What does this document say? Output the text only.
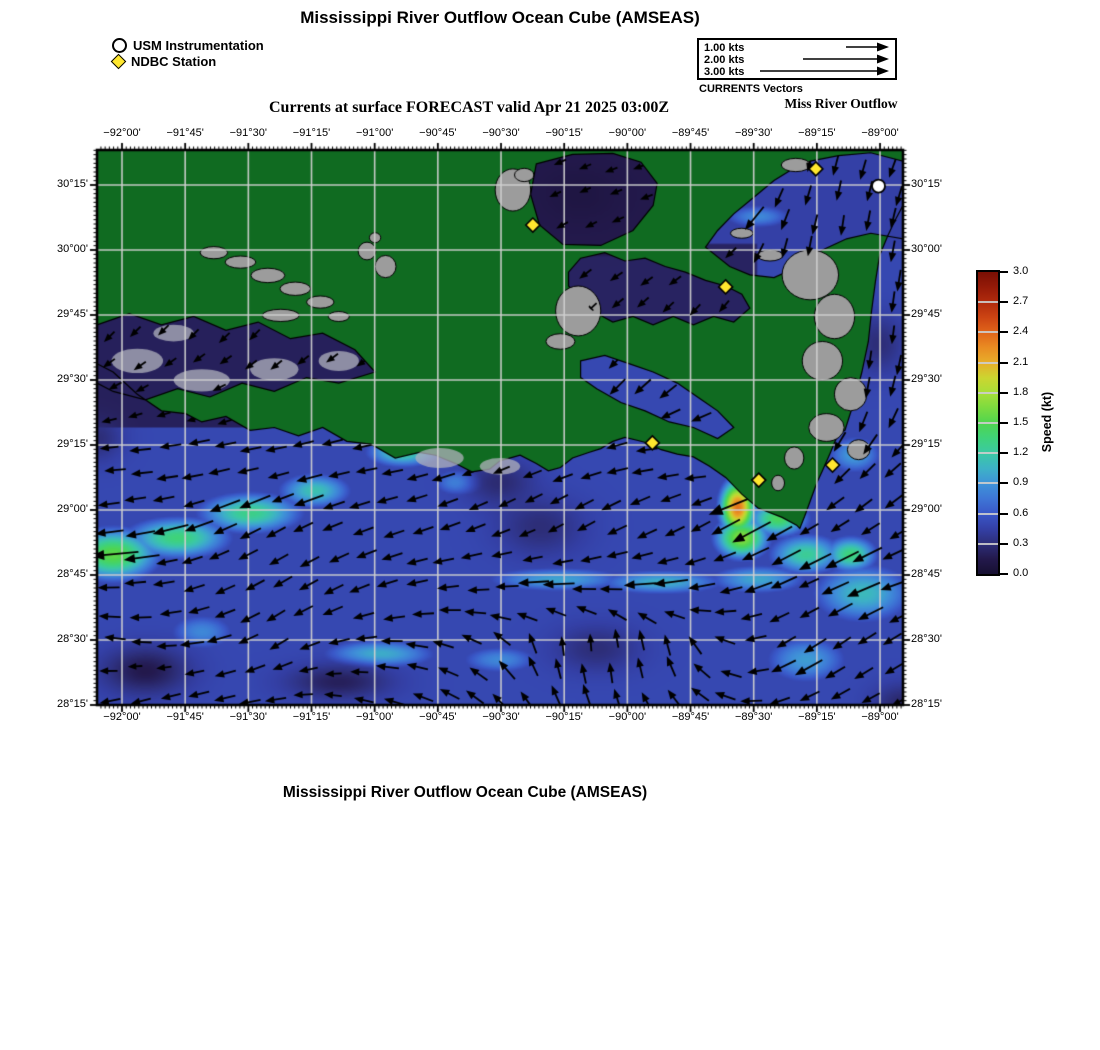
Mississippi River Outflow Ocean Cube (AMSEAS)
USM Instrumentation
NDBC Station
1.00 kts
2.00 kts
3.00 kts
CURRENTS Vectors
Miss River Outflow
Currents at surface FORECAST valid Apr 21 2025 03:00Z
Speed (kt)
Mississippi River Outflow Ocean Cube (AMSEAS)
−92°00'
−92°00'
−91°45'
−91°45'
−91°30'
−91°30'
−91°15'
−91°15'
−91°00'
−91°00'
−90°45'
−90°45'
−90°30'
−90°30'
−90°15'
−90°15'
−90°00'
−90°00'
−89°45'
−89°45'
−89°30'
−89°30'
−89°15'
−89°15'
−89°00'
−89°00'
30°15'	30°15'
30°00'	30°00'
29°45'	29°45'
29°30'	29°30'
29°15'	29°15'
29°00'	29°00'
28°45'	28°45'
28°30'	28°30'
28°15'	28°15'
3.0
2.7
2.4
2.1
1.8
1.5
1.2
0.9
0.6
0.3
0.0
